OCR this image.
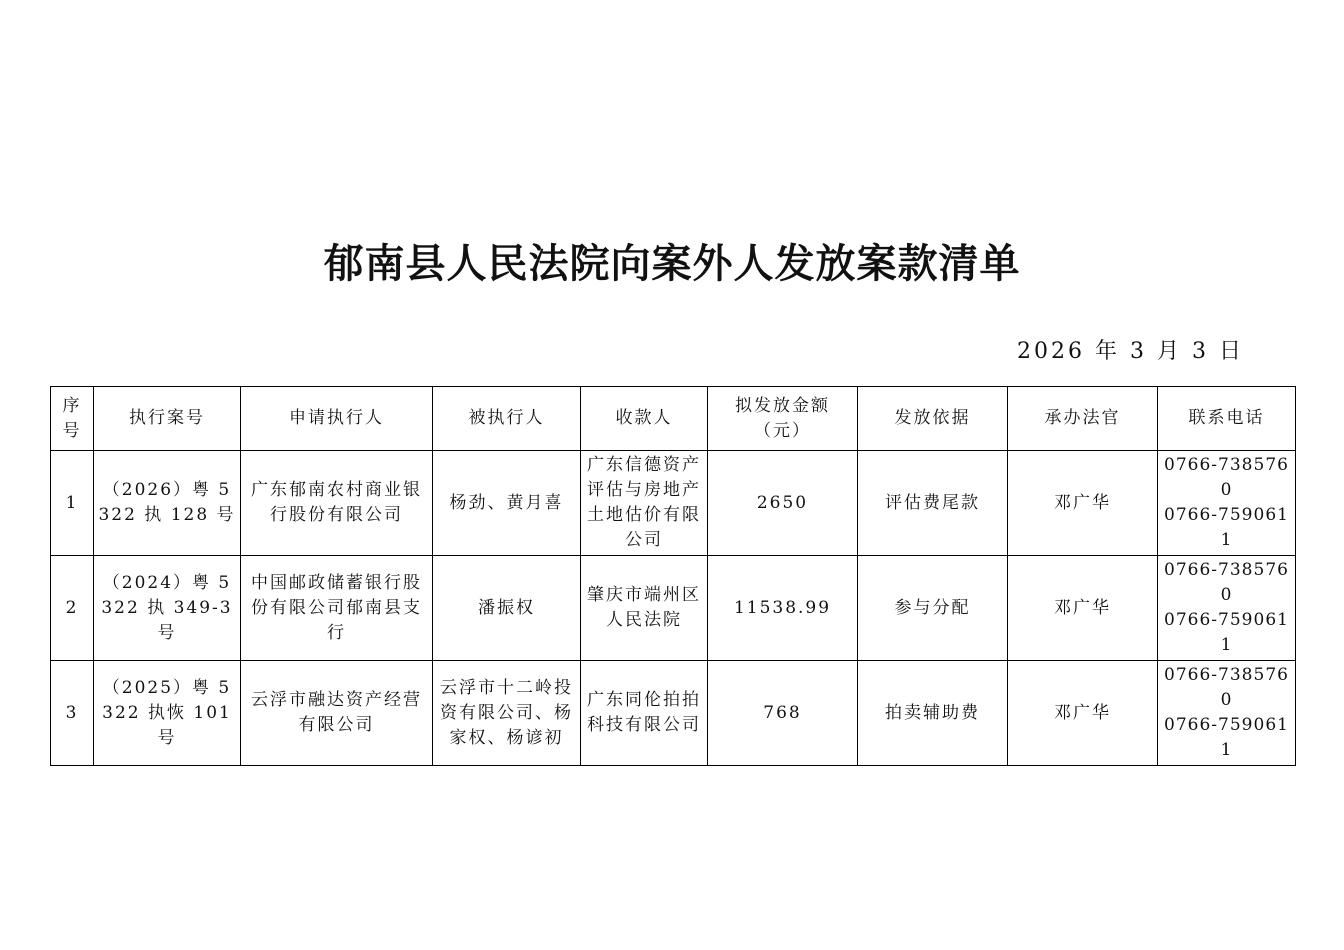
郁南县人民法院向案外人发放案款清单
2026 年 3 月 3 日
序号	执行案号	申请执行人	被执行人	收款人	拟发放金额（元）	发放依据	承办法官	联系电话
1	（2026）粤 5322 执 128 号	广东郁南农村商业银行股份有限公司	杨劲、黄月喜	广东信德资产评估与房地产土地估价有限公司	2650	评估费尾款	邓广华	0766-7385760
0766-7590611

2	（2024）粤 5322 执 349-3 号	中国邮政储蓄银行股份有限公司郁南县支行	潘振权	肇庆市端州区人民法院	11538.99	参与分配	邓广华	0766-7385760
0766-7590611

3	（2025）粤 5322 执恢 101 号	云浮市融达资产经营有限公司	云浮市十二岭投资有限公司、杨家权、杨谚初	广东同伦拍拍科技有限公司	768	拍卖辅助费	邓广华	0766-7385760
0766-7590611
